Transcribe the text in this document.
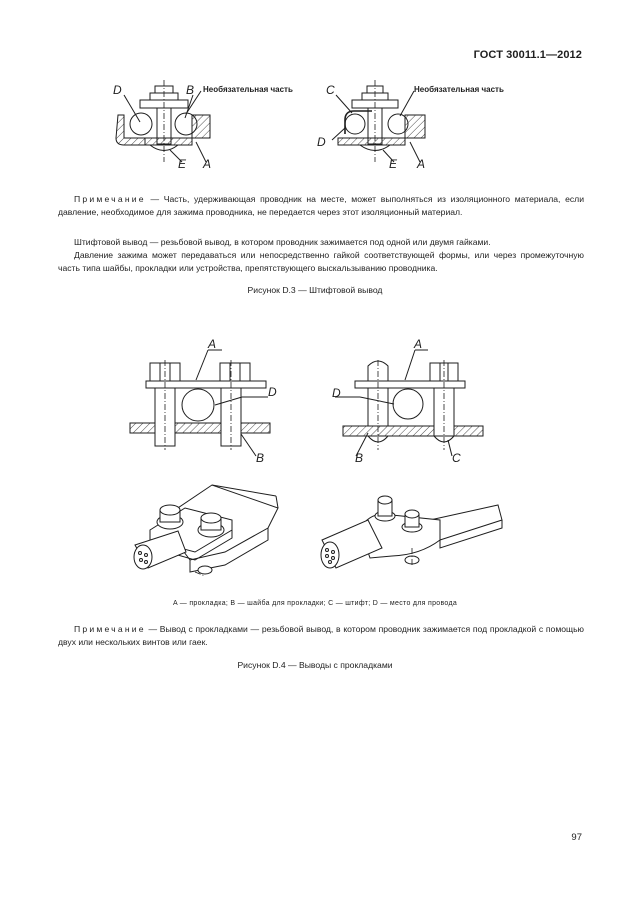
ГОСТ 30011.1—2012
D	B
E A
Необязательная часть	C
D
E A
Необязательная часть
A
D
B
A
D
B	C

Примечание — Часть, удерживающая проводник на месте, может выполняться из изоляционного материала, если давление, необходимое для зажима проводника, не передается через этот изоляционный материал.

Штифтовой вывод — резьбовой вывод, в котором проводник зажимается под одной или двумя гайками.

Давление зажима может передаваться или непосредственно гайкой соответствующей формы, или через промежуточную часть типа шайбы, прокладки или устройства, препятствующего выскальзыванию проводника.

Рисунок D.3 — Штифтовой вывод
A — прокладка; B — шайба для прокладки; C — штифт; D — место для провода

Примечание — Вывод с прокладками — резьбовой вывод, в котором проводник зажимается под прокладкой с помощью двух или нескольких винтов или гаек.

Рисунок D.4 — Выводы с прокладками
97
